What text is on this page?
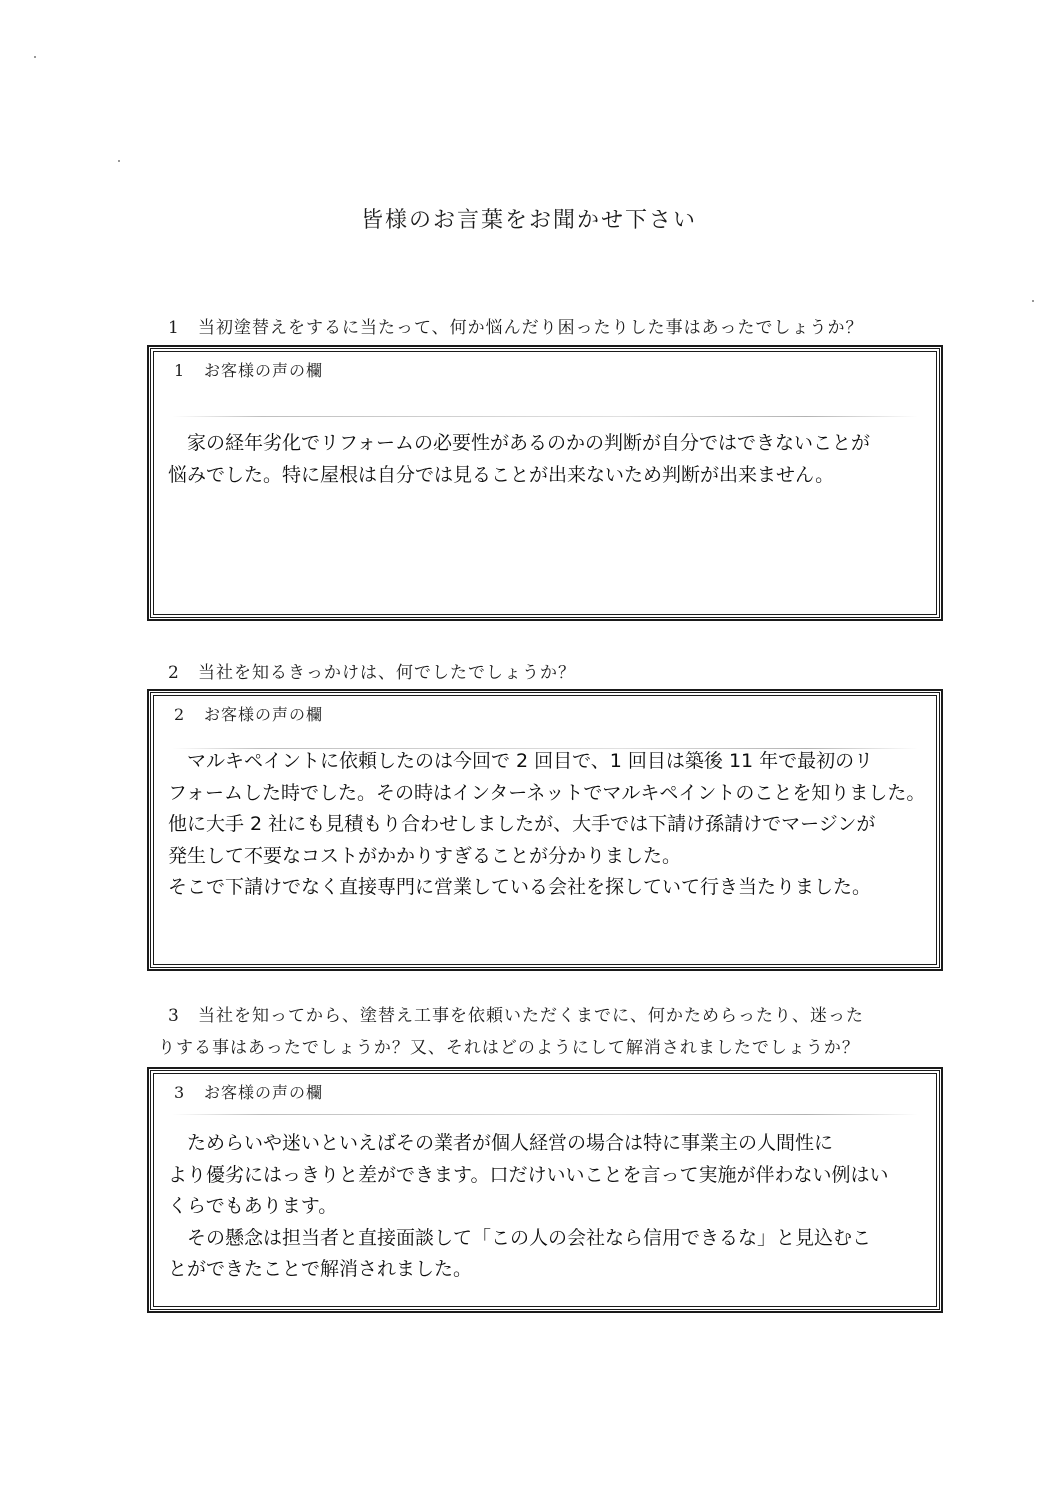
皆様のお言葉をお聞かせ下さい
1 当初塗替えをするに当たって、何か悩んだり困ったりした事はあったでしょうか？
1 お客様の声の欄

　家の経年劣化でリフォームの必要性があるのかの判断が自分ではできないことが

悩みでした。特に屋根は自分では見ることが出来ないため判断が出来ません。

2 当社を知るきっかけは、何でしたでしょうか？
2 お客様の声の欄

　マルキペイントに依頼したのは今回で 2 回目で、1 回目は築後 11 年で最初のリ

フォームした時でした。その時はインターネットでマルキペイントのことを知りました。

他に大手 2 社にも見積もり合わせしましたが、大手では下請け孫請けでマージンが

発生して不要なコストがかかりすぎることが分かりました。

そこで下請けでなく直接専門に営業している会社を探していて行き当たりました。

3 当社を知ってから、塗替え工事を依頼いただくまでに、何かためらったり、迷った
りする事はあったでしょうか？又、それはどのようにして解消されましたでしょうか？
3 お客様の声の欄

　ためらいや迷いといえばその業者が個人経営の場合は特に事業主の人間性に

より優劣にはっきりと差ができます。口だけいいことを言って実施が伴わない例はい

くらでもあります。

　その懸念は担当者と直接面談して「この人の会社なら信用できるな」と見込むこ

とができたことで解消されました。
